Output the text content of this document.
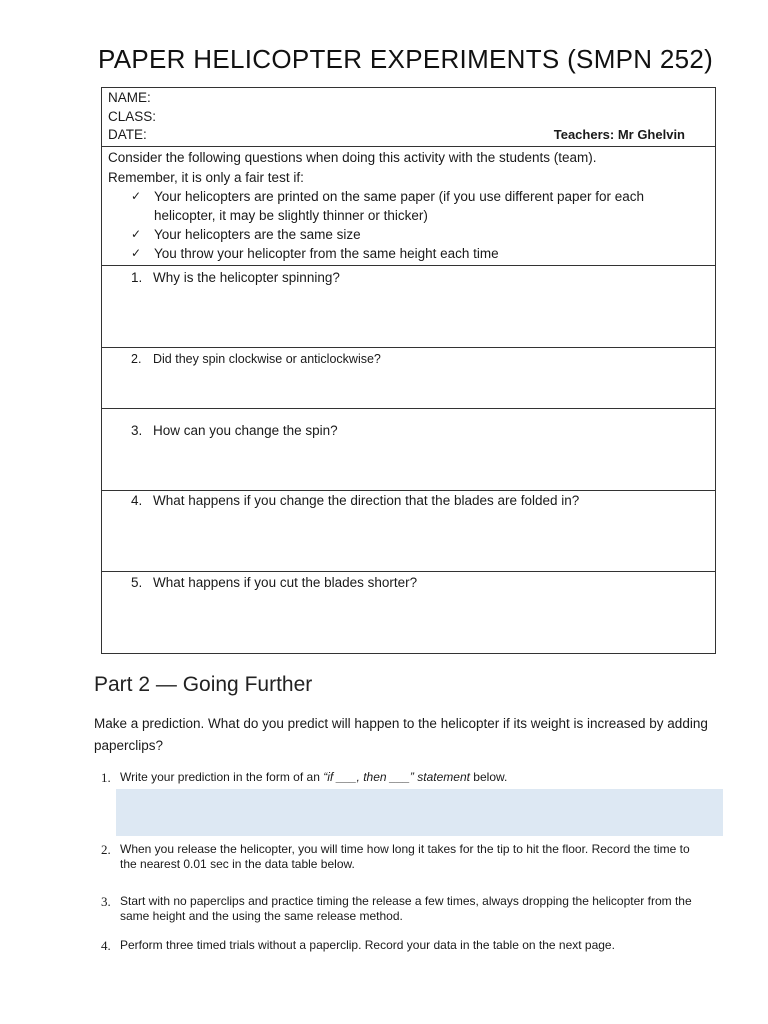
PAPER HELICOPTER EXPERIMENTS (SMPN 252)
NAME:
CLASS:
DATE:	Teachers: Mr Ghelvin
Consider the following questions when doing this activity with the students (team).
Remember, it is only a fair test if:
✓ Your helicopters are printed on the same paper (if you use different paper for each helicopter, it may be slightly thinner or thicker)
✓ Your helicopters are the same size
✓ You throw your helicopter from the same height each time
1. Why is the helicopter spinning?
2. Did they spin clockwise or anticlockwise?
3. How can you change the spin?
4. What happens if you change the direction that the blades are folded in?
5. What happens if you cut the blades shorter?
Part 2 — Going Further
Make a prediction. What do you predict will happen to the helicopter if its weight is increased by adding paperclips?
1. Write your prediction in the form of an “if ___, then ___” statement below.
2. When you release the helicopter, you will time how long it takes for the tip to hit the floor. Record the time to the nearest 0.01 sec in the data table below.
3. Start with no paperclips and practice timing the release a few times, always dropping the helicopter from the same height and the using the same release method.
4. Perform three timed trials without a paperclip. Record your data in the table on the next page.
